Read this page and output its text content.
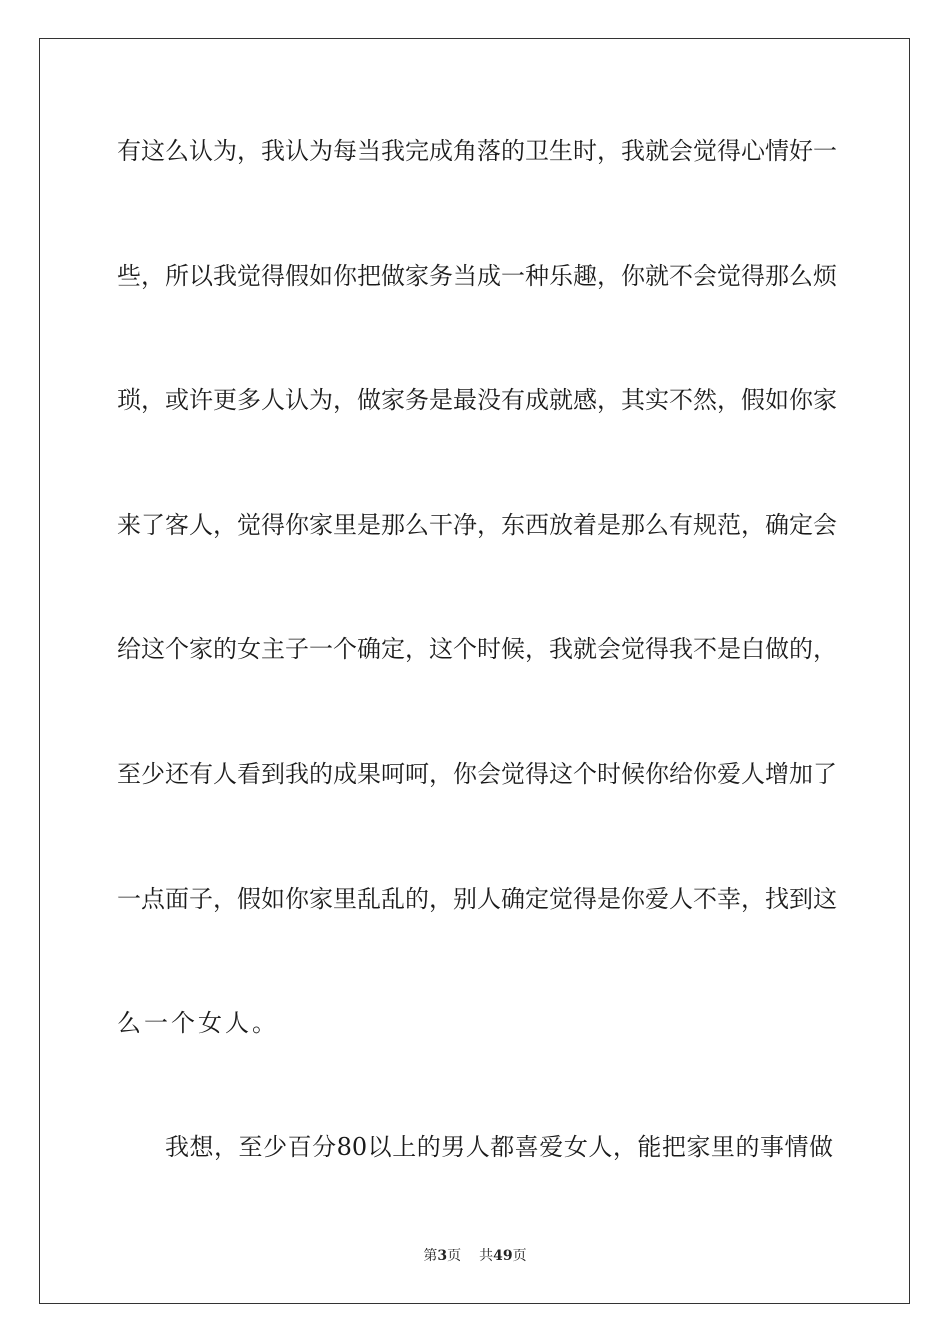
有这么认为，我认为每当我完成角落的卫生时，我就会觉得心情好一
些，所以我觉得假如你把做家务当成一种乐趣，你就不会觉得那么烦
琐，或许更多人认为，做家务是最没有成就感，其实不然，假如你家
来了客人，觉得你家里是那么干净，东西放着是那么有规范，确定会
给这个家的女主子一个确定，这个时候，我就会觉得我不是白做的，
至少还有人看到我的成果呵呵，你会觉得这个时候你给你爱人增加了
一点面子，假如你家里乱乱的，别人确定觉得是你爱人不幸，找到这
么一个女人。
我想，至少百分80以上的男人都喜爱女人，能把家里的事情做
第3页 共49页
